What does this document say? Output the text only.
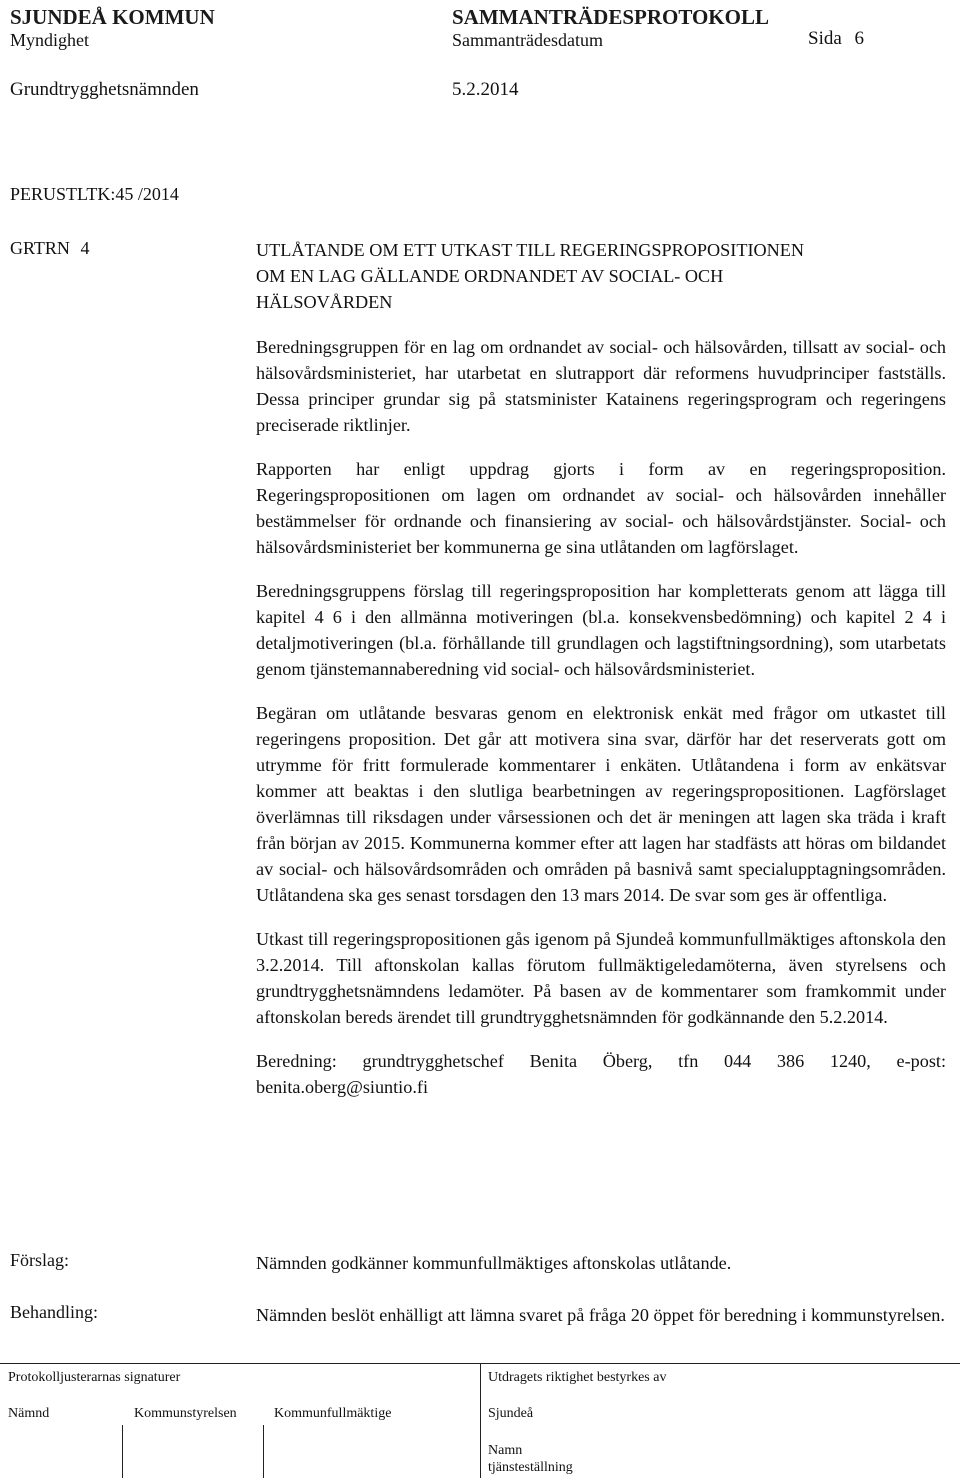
SJUNDEÅ KOMMUN	SAMMANTRÄDESPROTOKOLL
Myndighet	Sammanträdesdatum	Sida 6
Grundtrygghetsnämnden	5.2.2014
PERUSTLTK:45 /2014
GRTRN 4	UTLÅTANDE OM ETT UTKAST TILL REGERINGSPROPOSITIONEN
OM EN LAG GÄLLANDE ORDNANDET AV SOCIAL- OCH
HÄLSOVÅRDEN

Beredningsgruppen för en lag om ordnandet av social- och hälsovården, tillsatt av social- och hälsovårdsministeriet, har utarbetat en slutrapport där reformens huvudprinciper fastställs. Dessa principer grundar sig på statsminister Katainens regeringsprogram och regeringens preciserade riktlinjer.

Rapporten har enligt uppdrag gjorts i form av en regeringsproposition. Regeringspropositionen om lagen om ordnandet av social- och hälsovården innehåller bestämmelser för ordnande och finansiering av social- och hälsovårdstjänster. Social- och hälsovårdsministeriet ber kommunerna ge sina utlåtanden om lagförslaget.

Beredningsgruppens förslag till regeringsproposition har kompletterats genom att lägga till kapitel 4 6 i den allmänna motiveringen (bl.a. konsekvensbedömning) och kapitel 2 4 i detaljmotiveringen (bl.a. förhållande till grundlagen och lagstiftningsordning), som utarbetats genom tjänstemannaberedning vid social- och hälsovårdsministeriet.

Begäran om utlåtande besvaras genom en elektronisk enkät med frågor om utkastet till regeringens proposition. Det går att motivera sina svar, därför har det reserverats gott om utrymme för fritt formulerade kommentarer i enkäten. Utlåtandena i form av enkätsvar kommer att beaktas i den slutliga bearbetningen av regeringspropositionen. Lagförslaget överlämnas till riksdagen under vårsessionen och det är meningen att lagen ska träda i kraft från början av 2015. Kommunerna kommer efter att lagen har stadfästs att höras om bildandet av social- och hälsovårdsområden och områden på basnivå samt specialupptagningsområden. Utlåtandena ska ges senast torsdagen den 13 mars 2014. De svar som ges är offentliga.

Utkast till regeringspropositionen gås igenom på Sjundeå kommunfullmäktiges aftonskola den 3.2.2014. Till aftonskolan kallas förutom fullmäktigeledamöterna, även styrelsens och grundtrygghetsnämndens ledamöter. På basen av de kommentarer som framkommit under aftonskolan bereds ärendet till grundtrygghetsnämnden för godkännande den 5.2.2014.

Beredning: grundtrygghetschef Benita Öberg, tfn 044 386 1240, e-post: benita.oberg@siuntio.fi

Förslag:	Nämnden godkänner kommunfullmäktiges aftonskolas utlåtande.
Behandling:	Nämnden beslöt enhälligt att lämna svaret på fråga 20 öppet för beredning i kommunstyrelsen.
Protokolljusterarnas signaturer
Nämnd	Kommunstyrelsen	Kommunfullmäktige
Utdragets riktighet bestyrkes av
Sjundeå
Namn
tjänsteställning
